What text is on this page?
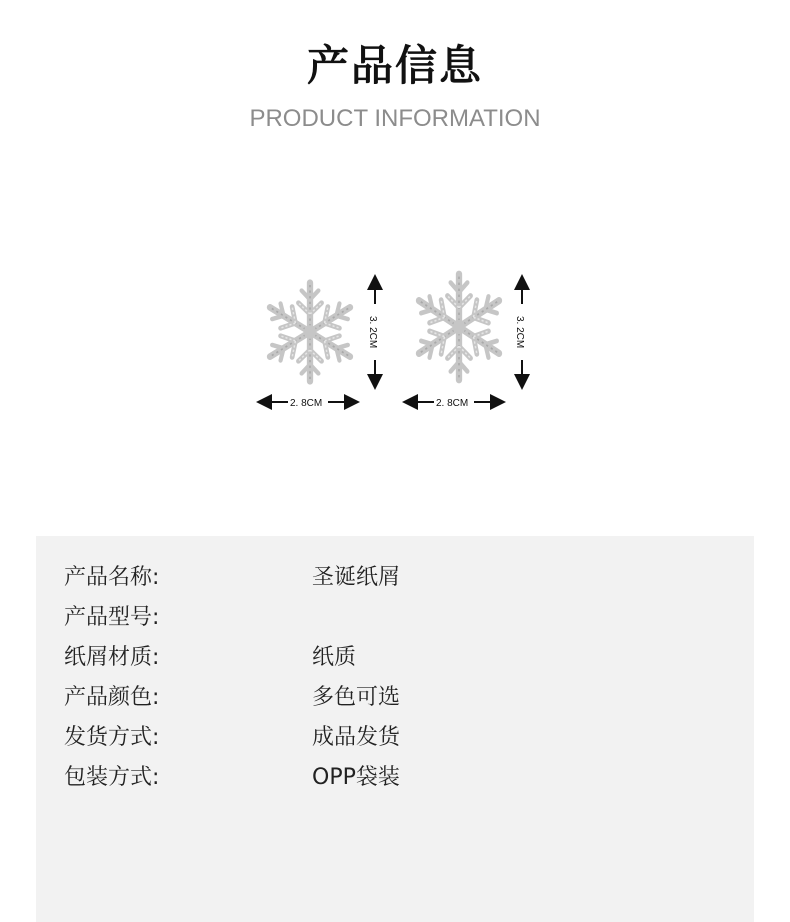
产品信息
PRODUCT INFORMATION
3. 2CM
2. 8CM
3. 2CM
2. 8CM
产品名称:	圣诞纸屑
产品型号:
纸屑材质:	纸质
产品颜色:	多色可选
发货方式:	成品发货
包装方式:	OPP袋装
